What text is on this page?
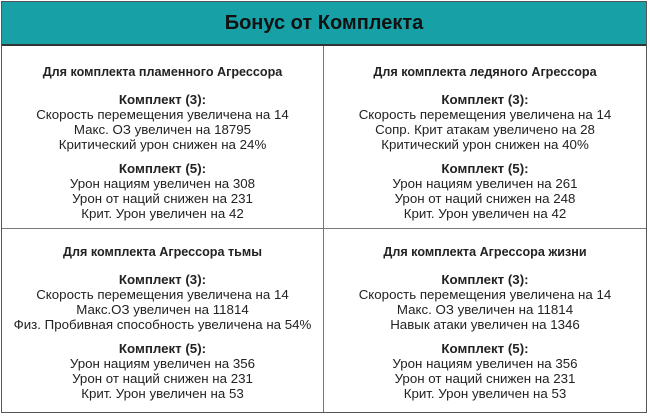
Бонус от Комплекта
Для комплекта пламенного Агрессора
Комплект (3):
Скорость перемещения увеличена на 14
Макс. ОЗ увеличен на 18795
Критический урон снижен на 24%
Комплект (5):
Урон нациям увеличен на 308
Урон от наций снижен на 231
Крит. Урон увеличен на 42
Для комплекта ледяного Агрессора
Комплект (3):
Скорость перемещения увеличена на 14
Сопр. Крит атакам увеличено на 28
Критический урон снижен на 40%
Комплект (5):
Урон нациям увеличен на 261
Урон от наций снижен на 248
Крит. Урон увеличен на 42
Для комплекта Агрессора тьмы
Комплект (3):
Скорость перемещения увеличена на 14
Макс.ОЗ увеличен на 11814
Физ. Пробивная способность увеличена на 54%
Комплект (5):
Урон нациям увеличен на 356
Урон от наций снижен на 231
Крит. Урон увеличен на 53
Для комплекта Агрессора жизни
Комплект (3):
Скорость перемещения увеличена на 14
Макс. ОЗ увеличен на 11814
Навык атаки увеличен на 1346
Комплект (5):
Урон нациям увеличен на 356
Урон от наций снижен на 231
Крит. Урон увеличен на 53
